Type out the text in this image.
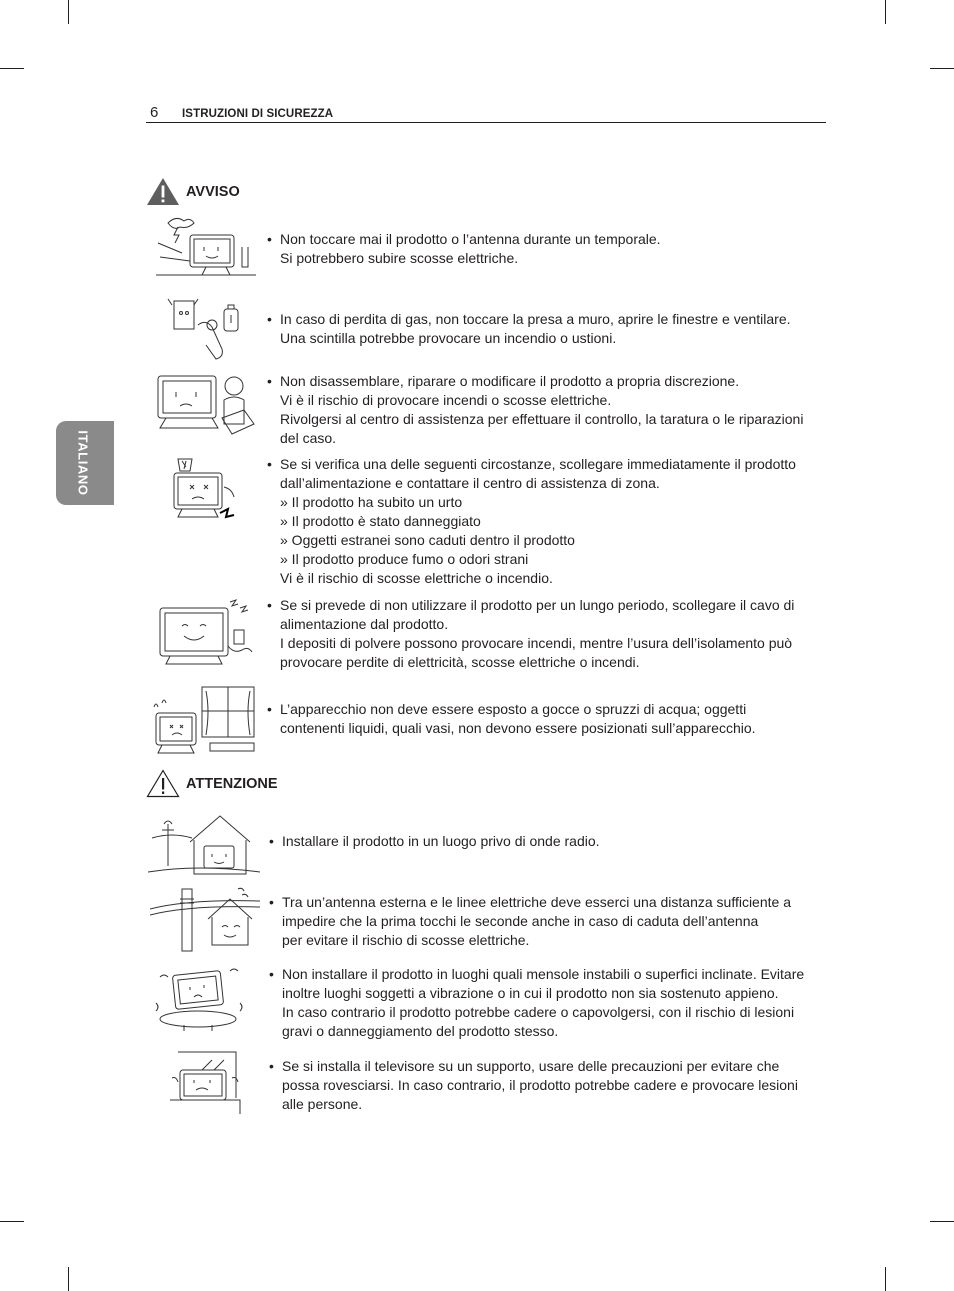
6 ISTRUZIONI DI SICUREZZA
ITALIANO
AVVISO
• Non toccare mai il prodotto o l’antenna durante un temporale.
Si potrebbero subire scosse elettriche.
• In caso di perdita di gas, non toccare la presa a muro, aprire le finestre e ventilare.
Una scintilla potrebbe provocare un incendio o ustioni.
• Non disassemblare, riparare o modificare il prodotto a propria discrezione.
Vi è il rischio di provocare incendi o scosse elettriche.
Rivolgersi al centro di assistenza per effettuare il controllo, la taratura o le riparazioni
del caso.
• Se si verifica una delle seguenti circostanze, scollegare immediatamente il prodotto
dall’alimentazione e contattare il centro di assistenza di zona.
» Il prodotto ha subito un urto
» Il prodotto è stato danneggiato
» Oggetti estranei sono caduti dentro il prodotto
» Il prodotto produce fumo o odori strani
Vi è il rischio di scosse elettriche o incendio.
• Se si prevede di non utilizzare il prodotto per un lungo periodo, scollegare il cavo di
alimentazione dal prodotto.
I depositi di polvere possono provocare incendi, mentre l’usura dell’isolamento può
provocare perdite di elettricità, scosse elettriche o incendi.
• L’apparecchio non deve essere esposto a gocce o spruzzi di acqua; oggetti
contenenti liquidi, quali vasi, non devono essere posizionati sull’apparecchio.
ATTENZIONE
• Installare il prodotto in un luogo privo di onde radio.
• Tra un’antenna esterna e le linee elettriche deve esserci una distanza sufficiente a
impedire che la prima tocchi le seconde anche in caso di caduta dell’antenna
per evitare il rischio di scosse elettriche.
• Non installare il prodotto in luoghi quali mensole instabili o superfici inclinate. Evitare
inoltre luoghi soggetti a vibrazione o in cui il prodotto non sia sostenuto appieno.
In caso contrario il prodotto potrebbe cadere o capovolgersi, con il rischio di lesioni
gravi o danneggiamento del prodotto stesso.
• Se si installa il televisore su un supporto, usare delle precauzioni per evitare che
possa rovesciarsi. In caso contrario, il prodotto potrebbe cadere e provocare lesioni
alle persone.
